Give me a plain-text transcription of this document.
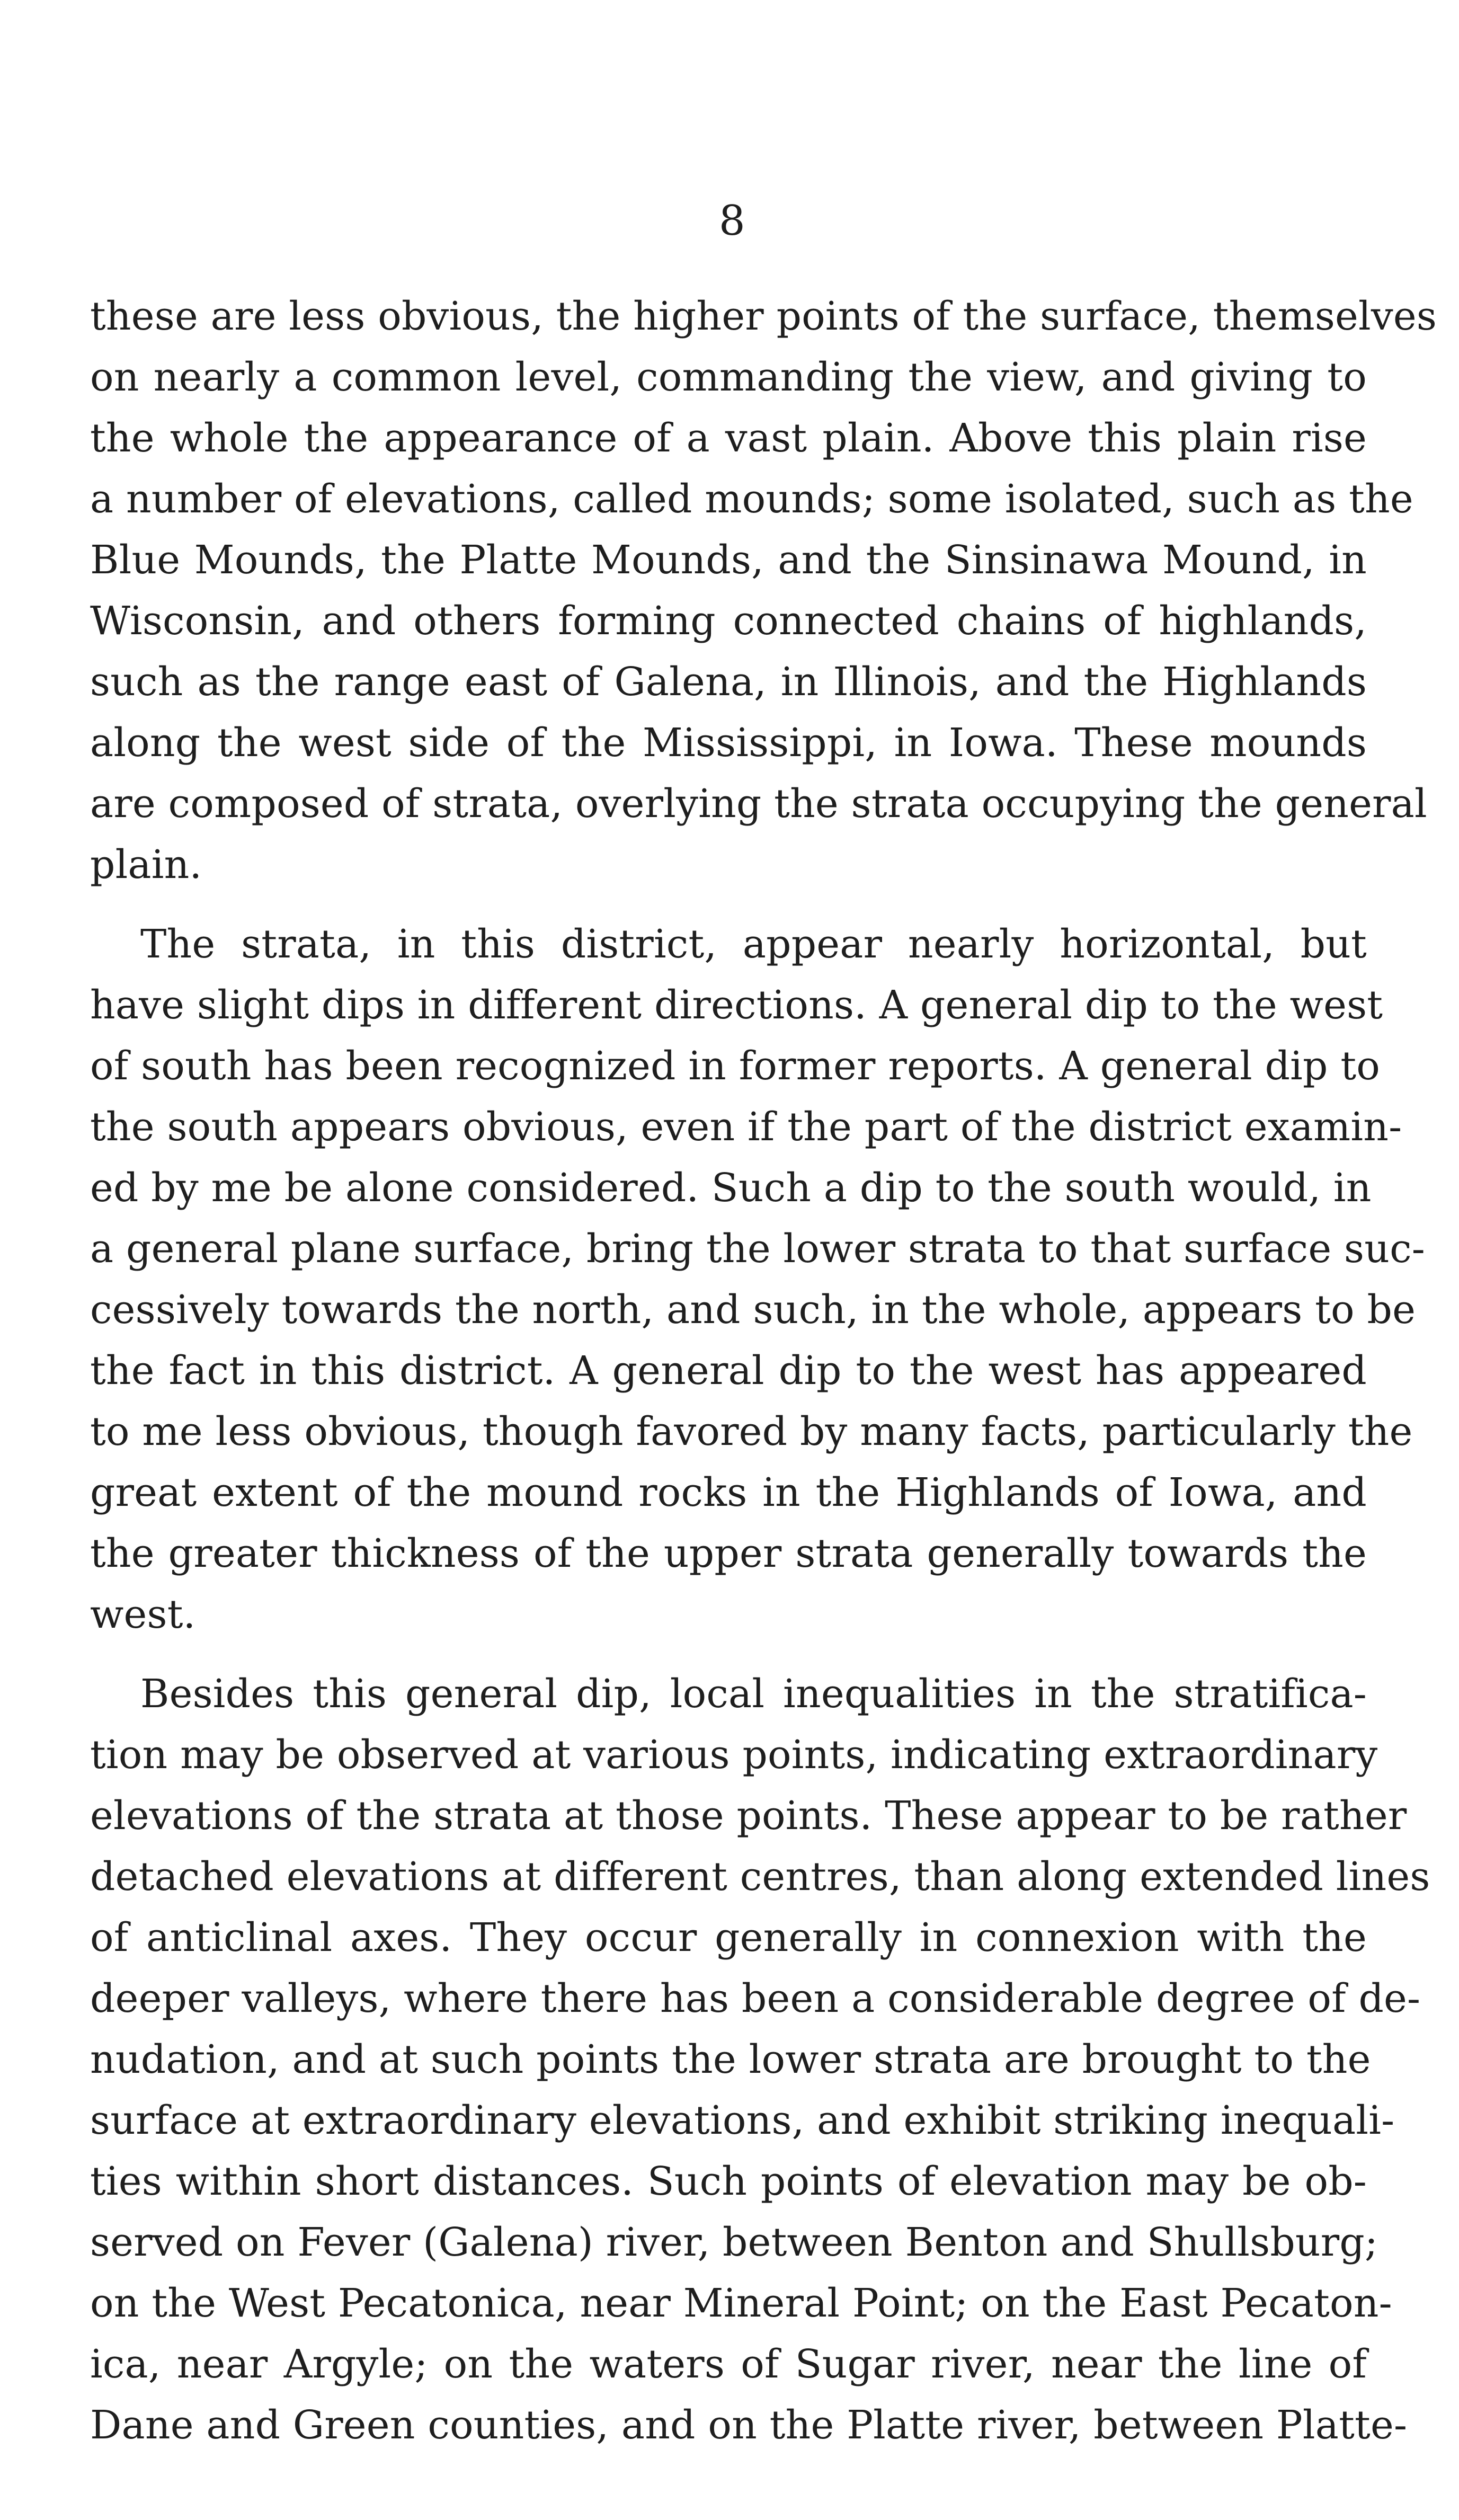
8
these are less obvious, the higher points of the surface, themselves
on nearly a common level, commanding the view, and giving to
the whole the appearance of a vast plain. Above this plain rise
a number of elevations, called mounds; some isolated, such as the
Blue Mounds, the Platte Mounds, and the Sinsinawa Mound, in
Wisconsin, and others forming connected chains of highlands,
such as the range east of Galena, in Illinois, and the Highlands
along the west side of the Mississippi, in Iowa. These mounds
are composed of strata, overlying the strata occupying the general
plain.
The strata, in this district, appear nearly horizontal, but
have slight dips in different directions. A general dip to the west
of south has been recognized in former reports. A general dip to
the south appears obvious, even if the part of the district examin-
ed by me be alone considered. Such a dip to the south would, in
a general plane surface, bring the lower strata to that surface suc-
cessively towards the north, and such, in the whole, appears to be
the fact in this district. A general dip to the west has appeared
to me less obvious, though favored by many facts, particularly the
great extent of the mound rocks in the Highlands of Iowa, and
the greater thickness of the upper strata generally towards the
west.
Besides this general dip, local inequalities in the stratifica-
tion may be observed at various points, indicating extraordinary
elevations of the strata at those points. These appear to be rather
detached elevations at different centres, than along extended lines
of anticlinal axes. They occur generally in connexion with the
deeper valleys, where there has been a considerable degree of de-
nudation, and at such points the lower strata are brought to the
surface at extraordinary elevations, and exhibit striking inequali-
ties within short distances. Such points of elevation may be ob-
served on Fever (Galena) river, between Benton and Shullsburg;
on the West Pecatonica, near Mineral Point; on the East Pecaton-
ica, near Argyle; on the waters of Sugar river, near the line of
Dane and Green counties, and on the Platte river, between Platte-
